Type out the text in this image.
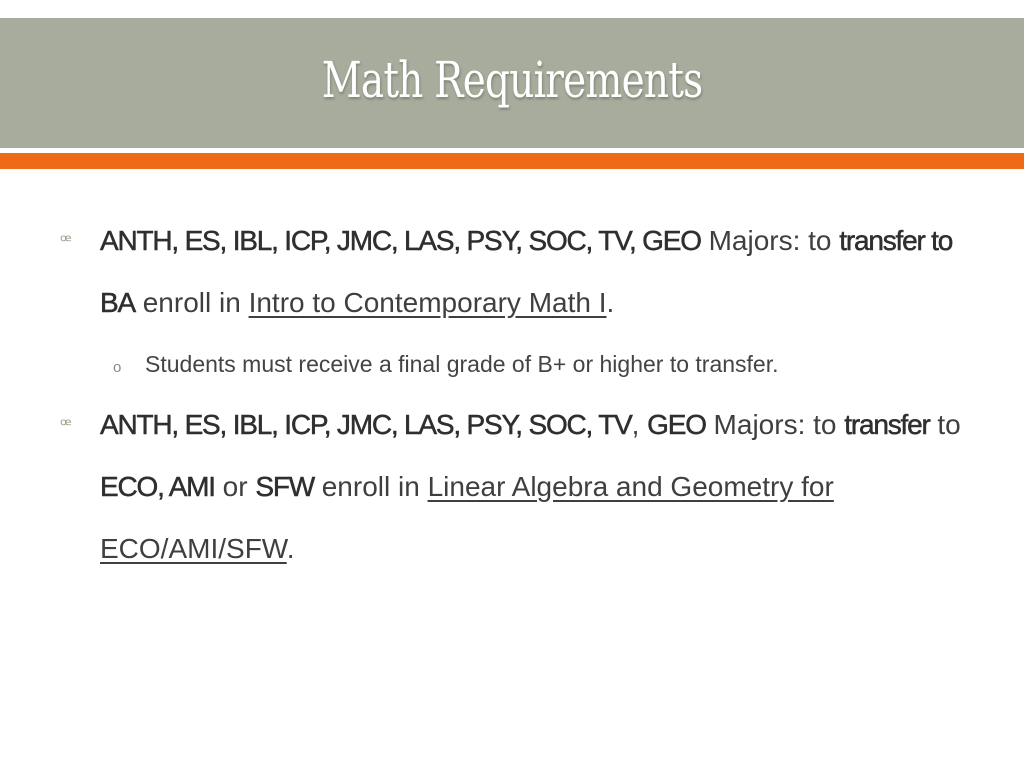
Math Requirements
ꟹ	ANTH, ES, IBL, ICP, JMC, LAS, PSY, SOC, TV, GEO Majors: to transfer to BA enroll in Intro to Contemporary Math I.
o Students must receive a final grade of B+ or higher to transfer.
ꟹ	ANTH, ES, IBL, ICP, JMC, LAS, PSY, SOC, TV, GEO Majors: to transfer to ECO, AMI or SFW enroll in Linear Algebra and Geometry for ECO/AMI/SFW.
